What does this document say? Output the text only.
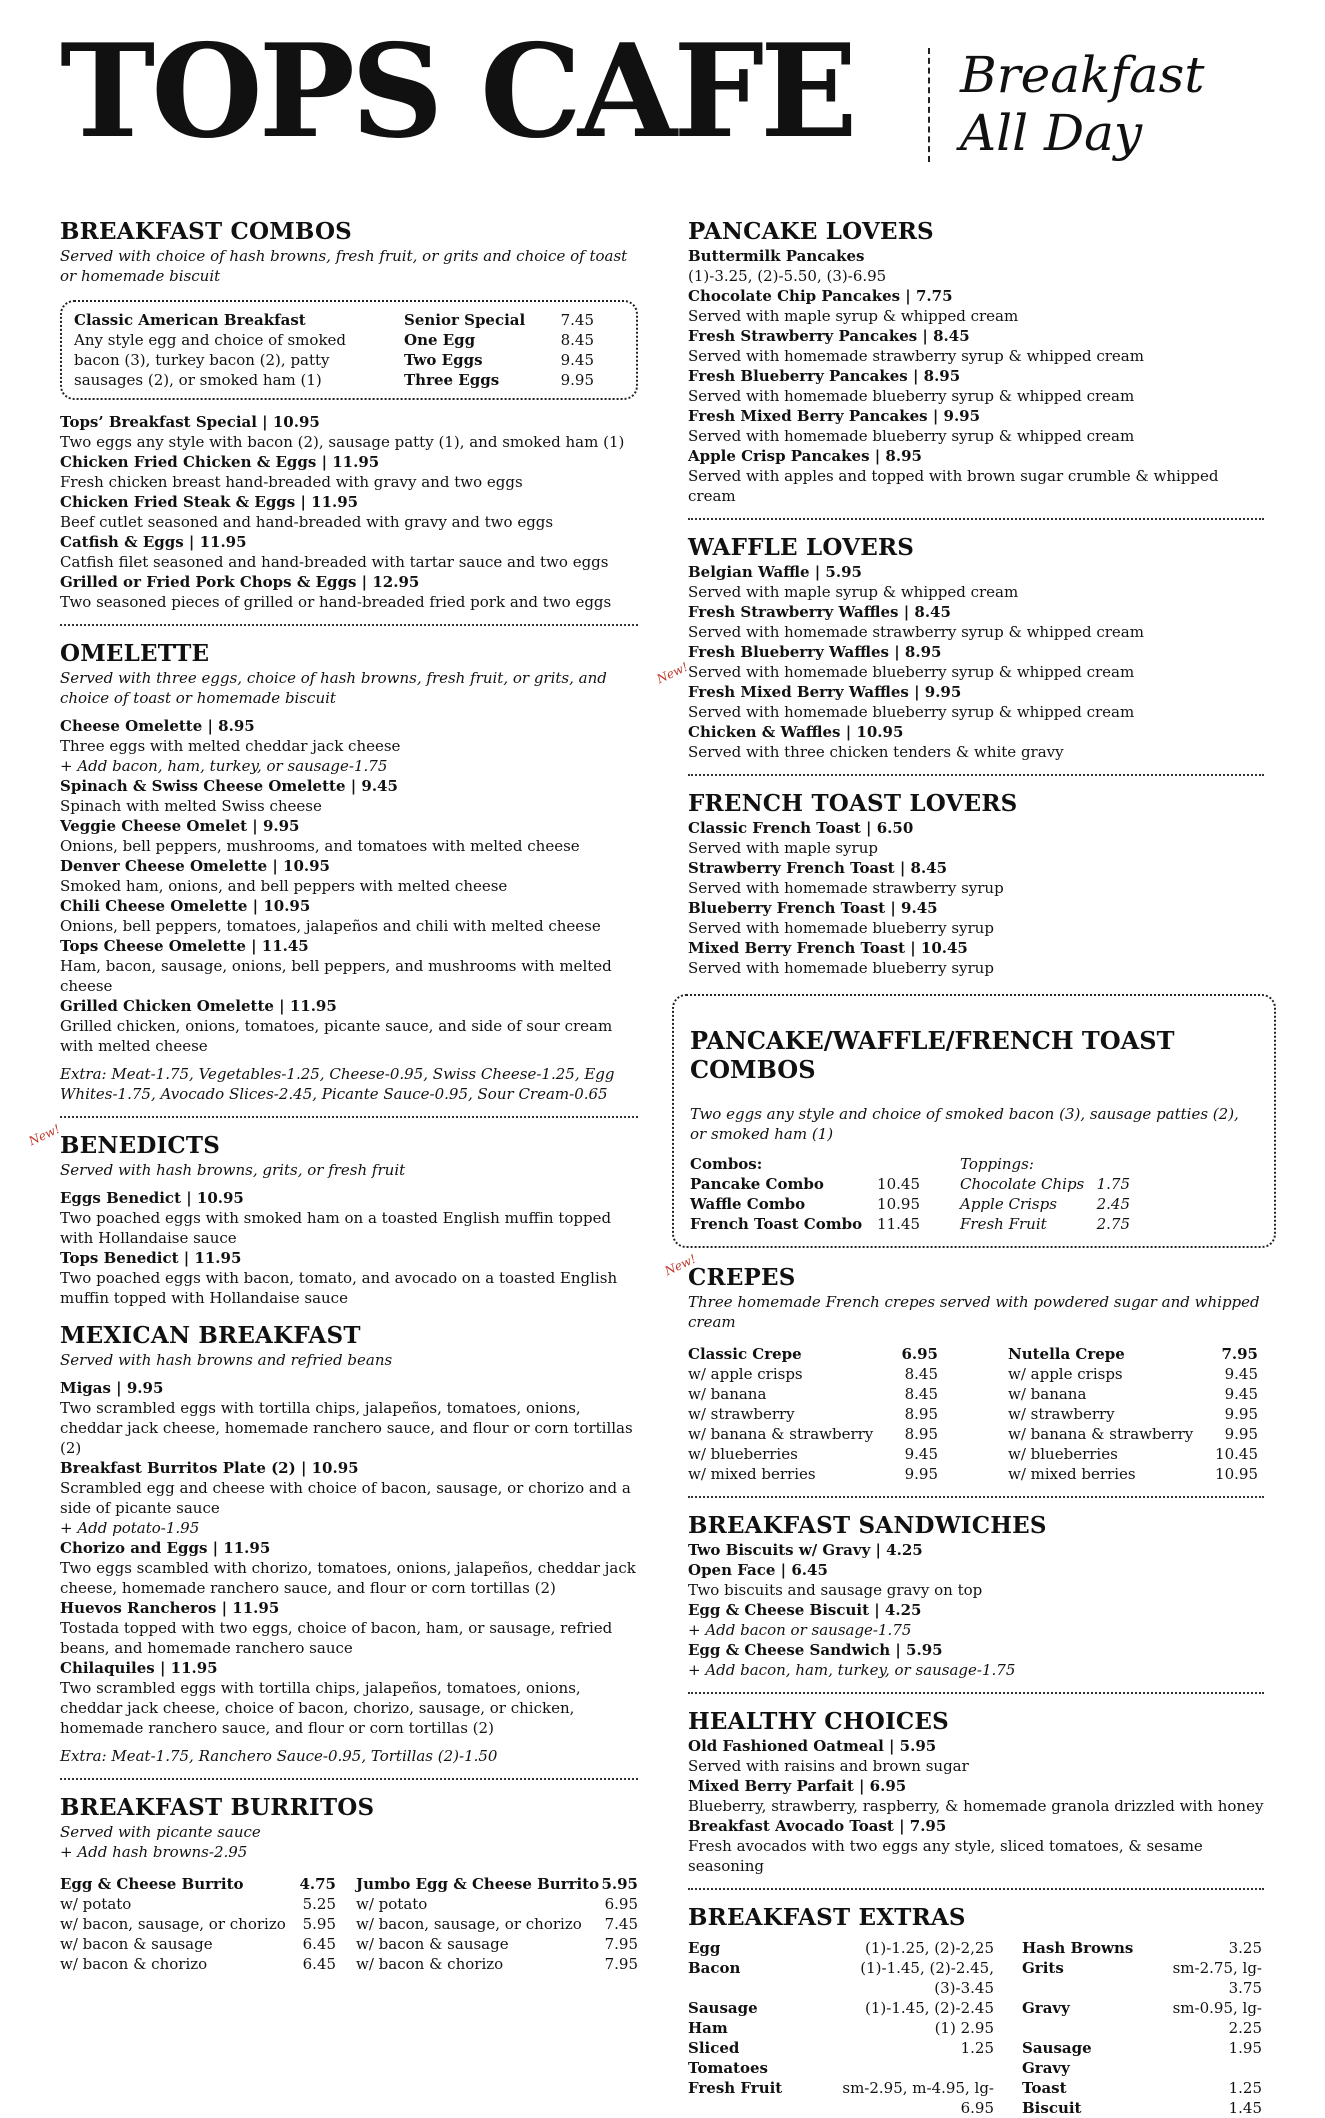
TOPS CAFE Breakfast
All Day
BREAKFAST COMBOS
Served with choice of hash browns, fresh fruit, or grits and choice of toast or homemade biscuit
Classic American Breakfast
Any style egg and choice of smoked bacon (3), turkey bacon (2), patty sausages (2), or smoked ham (1)
Senior Special	7.45
One Egg	8.45
Two Eggs	9.45
Three Eggs	9.95
Tops’ Breakfast Special | 10.95
Two eggs any style with bacon (2), sausage patty (1), and smoked ham (1)
Chicken Fried Chicken & Eggs | 11.95
Fresh chicken breast hand-breaded with gravy and two eggs
Chicken Fried Steak & Eggs | 11.95
Beef cutlet seasoned and hand-breaded with gravy and two eggs
Catfish & Eggs | 11.95
Catfish filet seasoned and hand-breaded with tartar sauce and two eggs
Grilled or Fried Pork Chops & Eggs | 12.95
Two seasoned pieces of grilled or hand-breaded fried pork and two eggs
OMELETTE
Served with three eggs, choice of hash browns, fresh fruit, or grits, and choice of toast or homemade biscuit
Cheese Omelette | 8.95
Three eggs with melted cheddar jack cheese
+ Add bacon, ham, turkey, or sausage-1.75
Spinach & Swiss Cheese Omelette | 9.45
Spinach with melted Swiss cheese
Veggie Cheese Omelet | 9.95
Onions, bell peppers, mushrooms, and tomatoes with melted cheese
Denver Cheese Omelette | 10.95
Smoked ham, onions, and bell peppers with melted cheese
Chili Cheese Omelette | 10.95
Onions, bell peppers, tomatoes, jalapeños and chili with melted cheese
Tops Cheese Omelette | 11.45
Ham, bacon, sausage, onions, bell peppers, and mushrooms with melted cheese
Grilled Chicken Omelette | 11.95
Grilled chicken, onions, tomatoes, picante sauce, and side of sour cream with melted cheese
Extra: Meat-1.75, Vegetables-1.25, Cheese-0.95, Swiss Cheese-1.25, Egg Whites-1.75, Avocado Slices-2.45, Picante Sauce-0.95, Sour Cream-0.65
New!
BENEDICTS
Served with hash browns, grits, or fresh fruit
Eggs Benedict | 10.95
Two poached eggs with smoked ham on a toasted English muffin topped with Hollandaise sauce
Tops Benedict | 11.95
Two poached eggs with bacon, tomato, and avocado on a toasted English muffin topped with Hollandaise sauce
MEXICAN BREAKFAST
Served with hash browns and refried beans
Migas | 9.95
Two scrambled eggs with tortilla chips, jalapeños, tomatoes, onions, cheddar jack cheese, homemade ranchero sauce, and flour or corn tortillas (2)
Breakfast Burritos Plate (2) | 10.95
Scrambled egg and cheese with choice of bacon, sausage, or chorizo and a side of picante sauce
+ Add potato-1.95
Chorizo and Eggs | 11.95
Two eggs scambled with chorizo, tomatoes, onions, jalapeños, cheddar jack cheese, homemade ranchero sauce, and flour or corn tortillas (2)
Huevos Rancheros | 11.95
Tostada topped with two eggs, choice of bacon, ham, or sausage, refried beans, and homemade ranchero sauce
Chilaquiles | 11.95
Two scrambled eggs with tortilla chips, jalapeños, tomatoes, onions, cheddar jack cheese, choice of bacon, chorizo, sausage, or chicken, homemade ranchero sauce, and flour or corn tortillas (2)
Extra: Meat-1.75, Ranchero Sauce-0.95, Tortillas (2)-1.50
BREAKFAST BURRITOS
Served with picante sauce
+ Add hash browns-2.95
Egg & Cheese Burrito	4.75
w/ potato	5.25
w/ bacon, sausage, or chorizo	5.95
w/ bacon & sausage	6.45
w/ bacon & chorizo	6.45
Jumbo Egg & Cheese Burrito	5.95
w/ potato	6.95
w/ bacon, sausage, or chorizo	7.45
w/ bacon & sausage	7.95
w/ bacon & chorizo	7.95
PANCAKE LOVERS
Buttermilk Pancakes
(1)-3.25, (2)-5.50, (3)-6.95
Chocolate Chip Pancakes | 7.75
Served with maple syrup & whipped cream
Fresh Strawberry Pancakes | 8.45
Served with homemade strawberry syrup & whipped cream
Fresh Blueberry Pancakes | 8.95
Served with homemade blueberry syrup & whipped cream
Fresh Mixed Berry Pancakes | 9.95
Served with homemade blueberry syrup & whipped cream
Apple Crisp Pancakes | 8.95
Served with apples and topped with brown sugar crumble & whipped cream
WAFFLE LOVERS
New!
Belgian Waffle | 5.95
Served with maple syrup & whipped cream
Fresh Strawberry Waffles | 8.45
Served with homemade strawberry syrup & whipped cream
Fresh Blueberry Waffles | 8.95
Served with homemade blueberry syrup & whipped cream
Fresh Mixed Berry Waffles | 9.95
Served with homemade blueberry syrup & whipped cream
Chicken & Waffles | 10.95
Served with three chicken tenders & white gravy
FRENCH TOAST LOVERS
Classic French Toast | 6.50
Served with maple syrup
Strawberry French Toast | 8.45
Served with homemade strawberry syrup
Blueberry French Toast | 9.45
Served with homemade blueberry syrup
Mixed Berry French Toast | 10.45
Served with homemade blueberry syrup
PANCAKE/WAFFLE/FRENCH TOAST COMBOS
Two eggs any style and choice of smoked bacon (3), sausage patties (2), or smoked ham (1)
Combos:	
Pancake Combo	10.45
Waffle Combo	10.95
French Toast Combo	11.45
Toppings:	
Chocolate Chips	1.75
Apple Crisps	2.45
Fresh Fruit	2.75
New!
CREPES
Three homemade French crepes served with powdered sugar and whipped cream
Classic Crepe	6.95
w/ apple crisps	8.45
w/ banana	8.45
w/ strawberry	8.95
w/ banana & strawberry	8.95
w/ blueberries	9.45
w/ mixed berries	9.95
Nutella Crepe	7.95
w/ apple crisps	9.45
w/ banana	9.45
w/ strawberry	9.95
w/ banana & strawberry	9.95
w/ blueberries	10.45
w/ mixed berries	10.95
BREAKFAST SANDWICHES
Two Biscuits w/ Gravy | 4.25
Open Face | 6.45
Two biscuits and sausage gravy on top
Egg & Cheese Biscuit | 4.25
+ Add bacon or sausage-1.75
Egg & Cheese Sandwich | 5.95
+ Add bacon, ham, turkey, or sausage-1.75
HEALTHY CHOICES
Old Fashioned Oatmeal | 5.95
Served with raisins and brown sugar
Mixed Berry Parfait | 6.95
Blueberry, strawberry, raspberry, & homemade granola drizzled with honey
Breakfast Avocado Toast | 7.95
Fresh avocados with two eggs any style, sliced tomatoes, & sesame seasoning
BREAKFAST EXTRAS
Egg	(1)-1.25, (2)-2,25
Bacon	(1)-1.45, (2)-2.45, (3)-3.45
Sausage	(1)-1.45, (2)-2.45
Ham	(1) 2.95
Sliced Tomatoes	1.25
Fresh Fruit	sm-2.95, m-4.95, lg-6.95
Hash Browns	3.25
Grits	sm-2.75, lg-3.75
Gravy	sm-0.95, lg-2.25
Sausage Gravy	1.95
Toast	1.25
Biscuit	1.45
